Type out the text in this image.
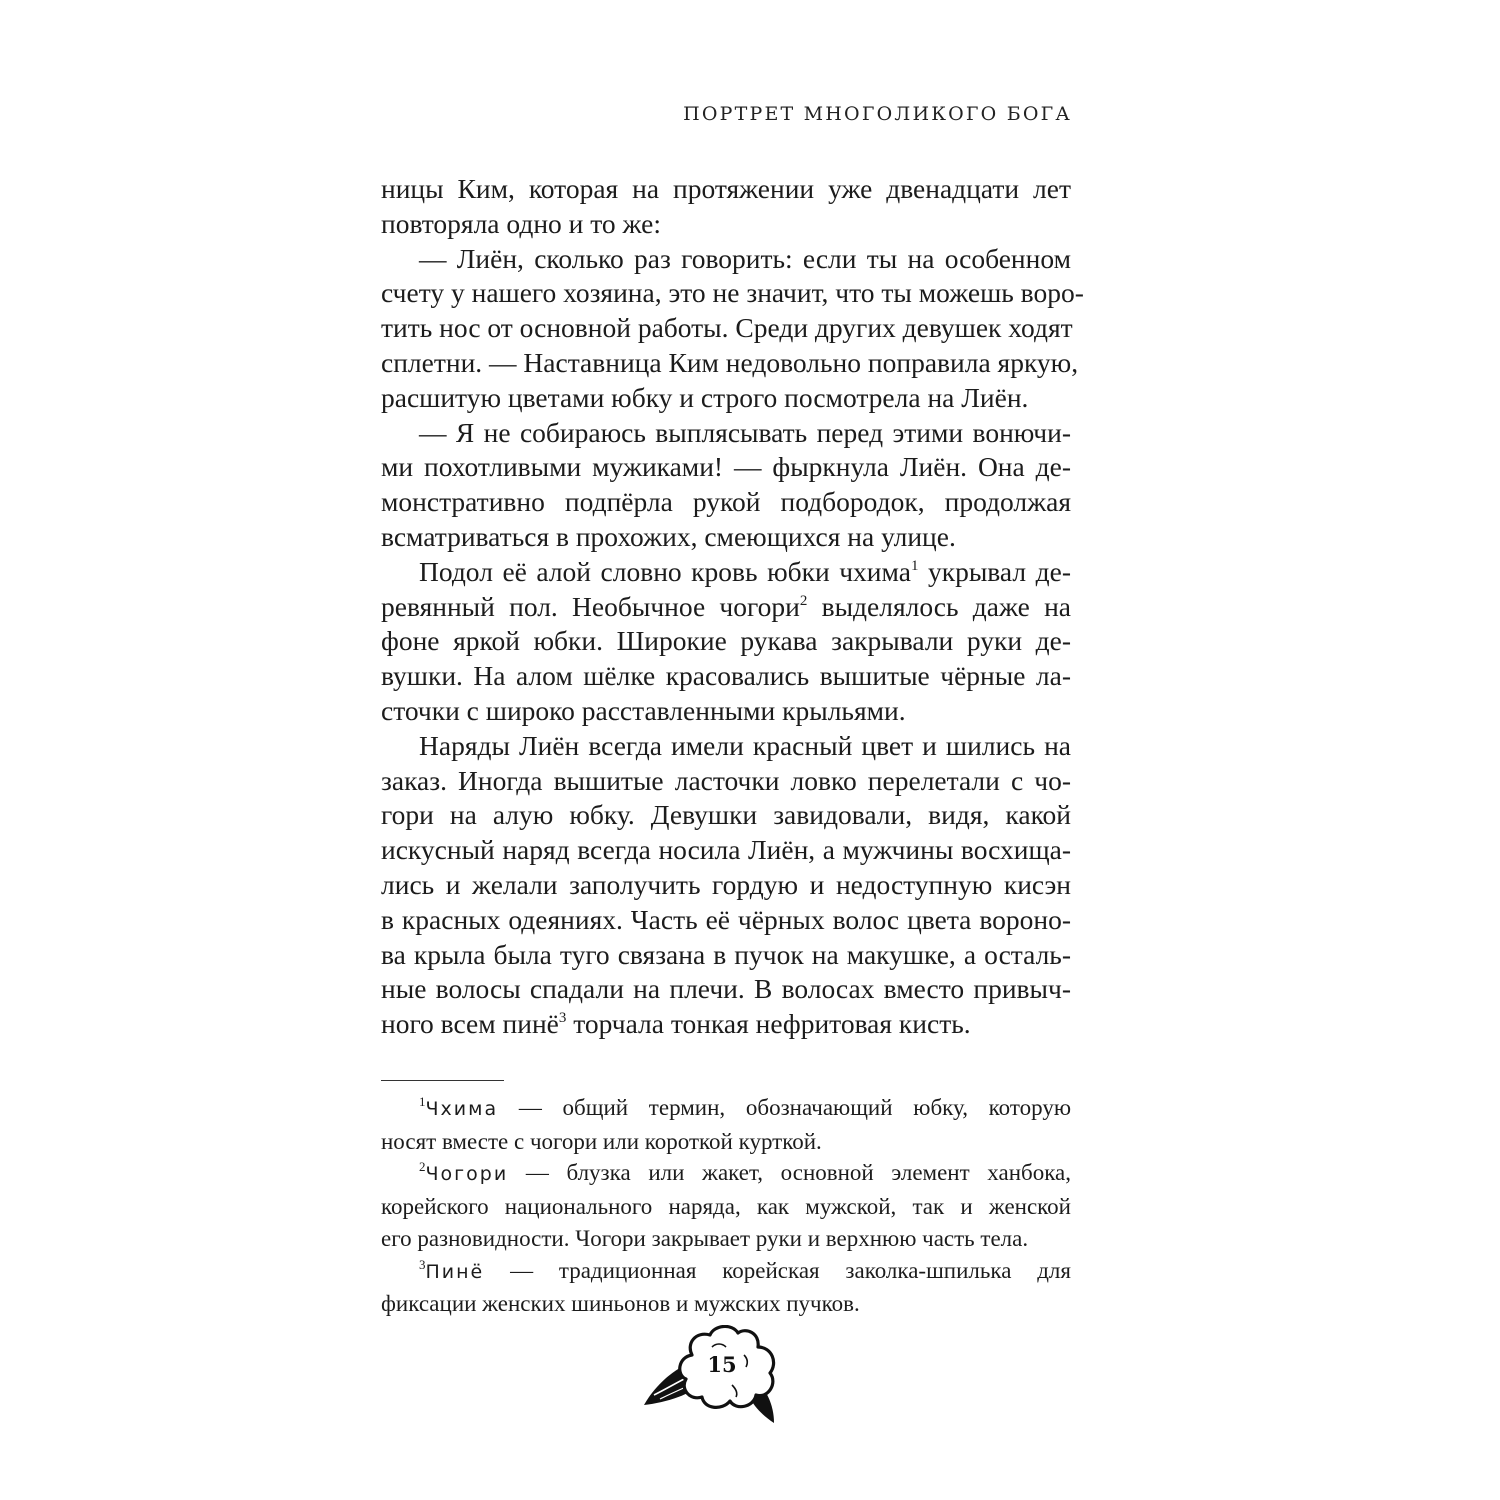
ПОРТРЕТ МНОГОЛИКОГО БОГА
ницы Ким, которая на протяжении уже двенадцати лет
повторяла одно и то же:
— Лиён, сколько раз говорить: если ты на особенном
счету у нашего хозяина, это не значит, что ты можешь воро-
тить нос от основной работы. Среди других девушек ходят
сплетни. — Наставница Ким недовольно поправила яркую,
расшитую цветами юбку и строго посмотрела на Лиён.
— Я не собираюсь выплясывать перед этими вонючи-
ми похотливыми мужиками! — фыркнула Лиён. Она де-
монстративно подпёрла рукой подбородок, продолжая
всматриваться в прохожих, смеющихся на улице.
Подол её алой словно кровь юбки чхима$^1$ укрывал де-
ревянный пол. Необычное чогори$^2$ выделялось даже на
фоне яркой юбки. Широкие рукава закрывали руки де-
вушки. На алом шёлке красовались вышитые чёрные ла-
сточки с широко расставленными крыльями.
Наряды Лиён всегда имели красный цвет и шились на
заказ. Иногда вышитые ласточки ловко перелетали с чо-
гори на алую юбку. Девушки завидовали, видя, какой
искусный наряд всегда носила Лиён, а мужчины восхища-
лись и желали заполучить гордую и недоступную кисэн
в красных одеяниях. Часть её чёрных волос цвета вороно-
ва крыла была туго связана в пучок на макушке, а осталь-
ные волосы спадали на плечи. В волосах вместо привыч-
ного всем пинё$^3$ торчала тонкая нефритовая кисть.
$^1$Чхима — общий термин, обозначающий юбку, которую
носят вместе с чогори или короткой курткой.
$^2$Чогори — блузка или жакет, основной элемент ханбока,
корейского национального наряда, как мужской, так и женской
его разновидности. Чогори закрывает руки и верхнюю часть тела.
$^3$Пинё — традиционная корейская заколка-шпилька для
фиксации женских шиньонов и мужских пучков.
15
